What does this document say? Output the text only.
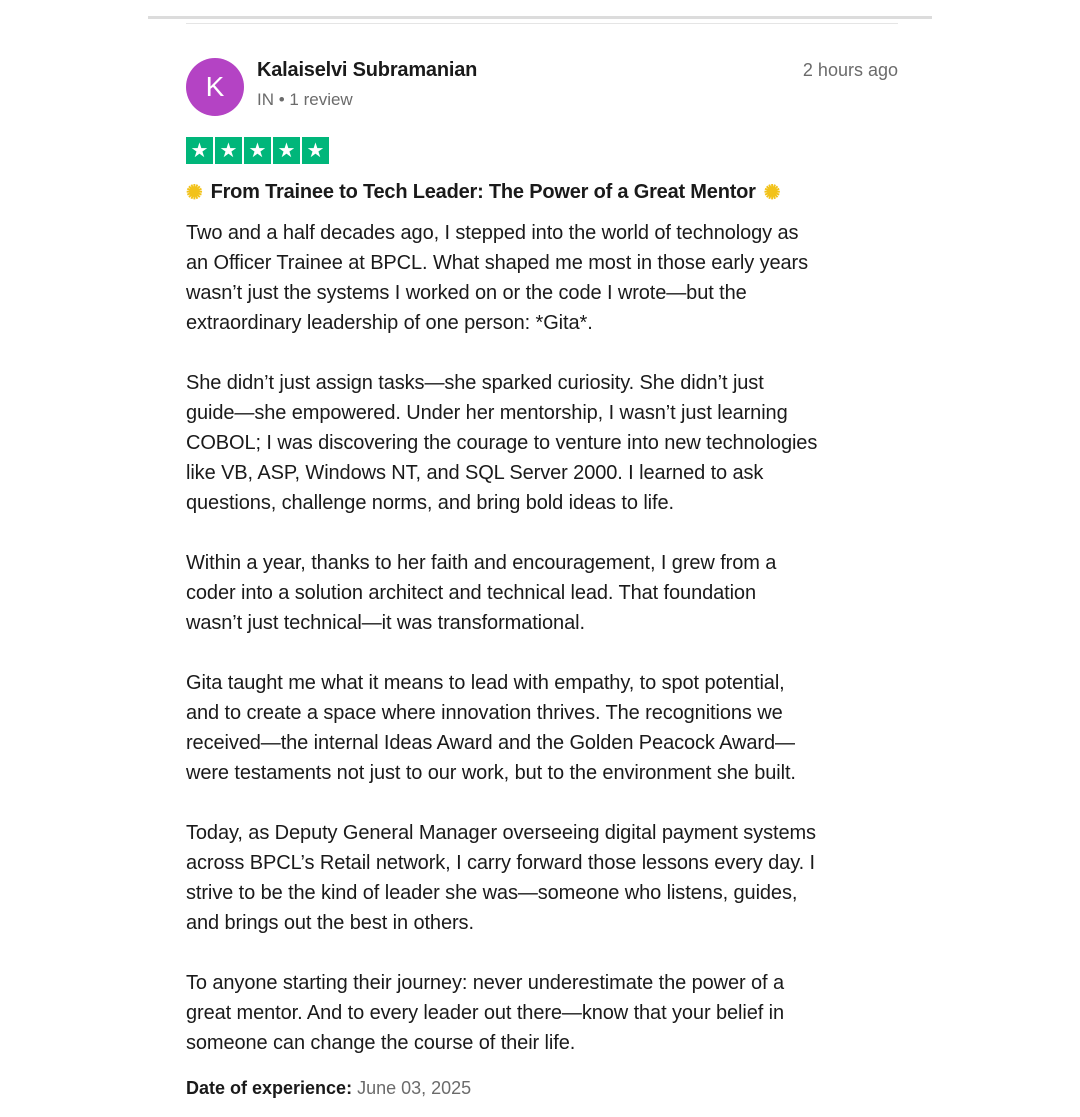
K
Kalaiselvi Subramanian
IN • 1 review
2 hours ago
★ ★ ★ ★ ★
✺ From Trainee to Tech Leader: The Power of a Great Mentor ✺

Two and a half decades ago, I stepped into the world of technology as
an Officer Trainee at BPCL. What shaped me most in those early years
wasn’t just the systems I worked on or the code I wrote—but the
extraordinary leadership of one person: *Gita*.

She didn’t just assign tasks—she sparked curiosity. She didn’t just
guide—she empowered. Under her mentorship, I wasn’t just learning
COBOL; I was discovering the courage to venture into new technologies
like VB, ASP, Windows NT, and SQL Server 2000. I learned to ask
questions, challenge norms, and bring bold ideas to life.

Within a year, thanks to her faith and encouragement, I grew from a
coder into a solution architect and technical lead. That foundation
wasn’t just technical—it was transformational.

Gita taught me what it means to lead with empathy, to spot potential,
and to create a space where innovation thrives. The recognitions we
received—the internal Ideas Award and the Golden Peacock Award—
were testaments not just to our work, but to the environment she built.

Today, as Deputy General Manager overseeing digital payment systems
across BPCL’s Retail network, I carry forward those lessons every day. I
strive to be the kind of leader she was—someone who listens, guides,
and brings out the best in others.

To anyone starting their journey: never underestimate the power of a
great mentor. And to every leader out there—know that your belief in
someone can change the course of their life.

Date of experience: June 03, 2025
